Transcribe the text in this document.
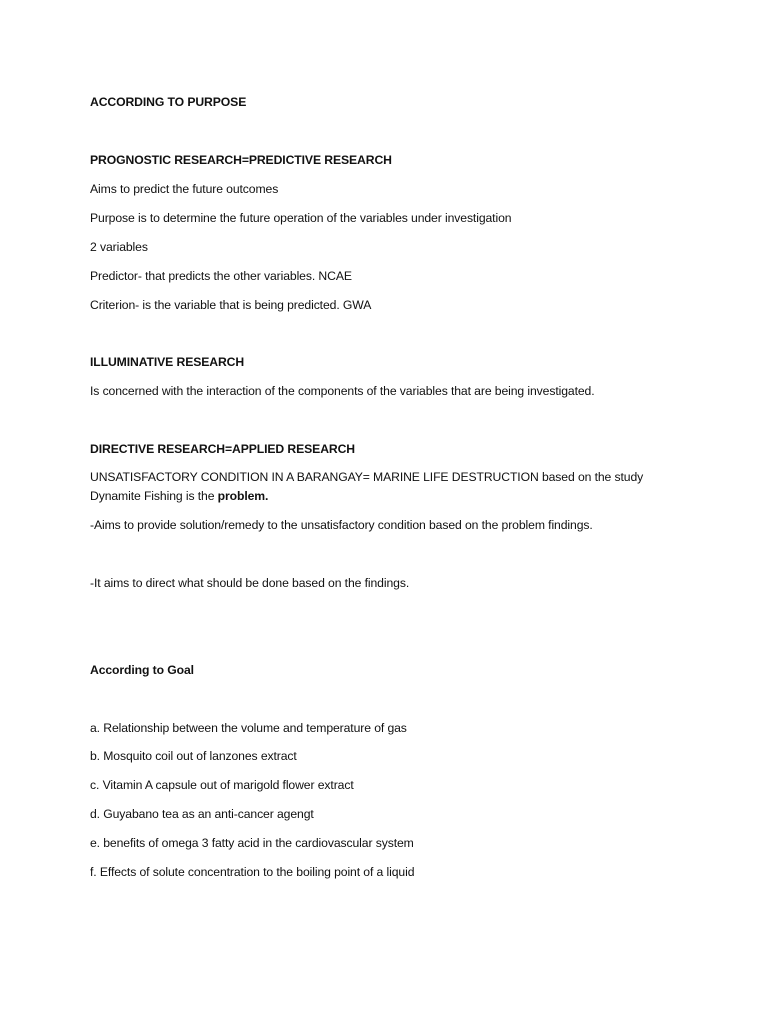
ACCORDING TO PURPOSE
PROGNOSTIC RESEARCH=PREDICTIVE RESEARCH
Aims to predict the future outcomes
Purpose is to determine the future operation of the variables under investigation
2 variables
Predictor- that predicts the other variables. NCAE
Criterion- is the variable that is being predicted. GWA
ILLUMINATIVE RESEARCH
Is concerned with the interaction of the components of the variables that are being investigated.
DIRECTIVE RESEARCH=APPLIED RESEARCH
UNSATISFACTORY CONDITION IN A BARANGAY= MARINE LIFE DESTRUCTION based on the study
Dynamite Fishing is the problem.
-Aims to provide solution/remedy to the unsatisfactory condition based on the problem findings.
-It aims to direct what should be done based on the findings.
According to Goal
a. Relationship between the volume and temperature of gas
b. Mosquito coil out of lanzones extract
c. Vitamin A capsule out of marigold flower extract
d. Guyabano tea as an anti-cancer agengt
e. benefits of omega 3 fatty acid in the cardiovascular system
f. Effects of solute concentration to the boiling point of a liquid
